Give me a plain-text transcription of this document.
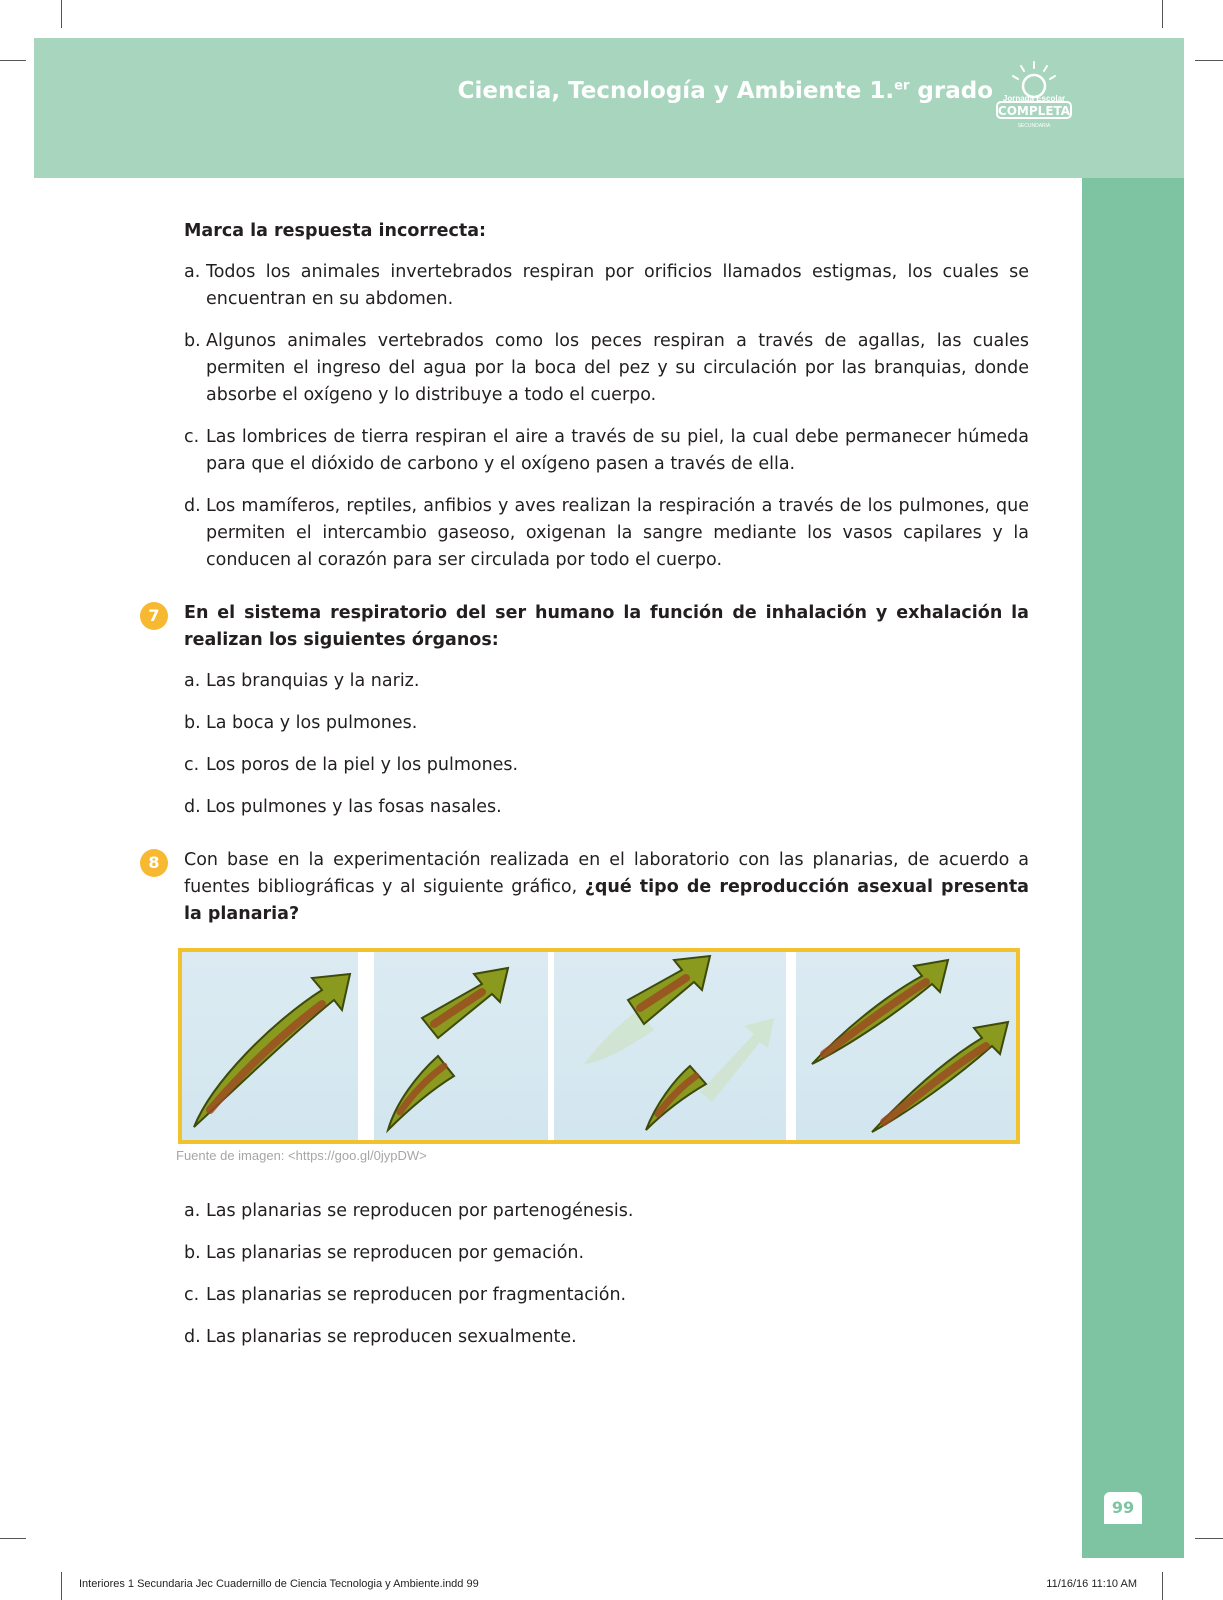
Ciencia, Tecnología y Ambiente 1.$^{er}$ grado Jornada Escolar
COMPLETA
SECUNDARIA
99

Marca la respuesta incorrecta:

a. Todos los animales invertebrados respiran por orificios llamados estigmas, los cuales se encuentran en su abdomen.
b. Algunos animales vertebrados como los peces respiran a través de agallas, las cuales permiten el ingreso del agua por la boca del pez y su circulación por las branquias, donde absorbe el oxígeno y lo distribuye a todo el cuerpo.
c. Las lombrices de tierra respiran el aire a través de su piel, la cual debe permanecer húmeda para que el dióxido de carbono y el oxígeno pasen a través de ella.
d. Los mamíferos, reptiles, anfibios y aves realizan la respiración a través de los pulmones, que permiten el intercambio gaseoso, oxigenan la sangre mediante los vasos capilares y la conducen al corazón para ser circulada por todo el cuerpo.
7	En el sistema respiratorio del ser humano la función de inhalación y exhalación la realizan los siguientes órganos:

a. Las branquias y la nariz.
b. La boca y los pulmones.
c. Los poros de la piel y los pulmones.
d. Los pulmones y las fosas nasales.
8	Con base en la experimentación realizada en el laboratorio con las planarias, de acuerdo a fuentes bibliográficas y al siguiente gráfico, ¿qué tipo de reproducción asexual presenta la planaria?

Fuente de imagen: <https://goo.gl/0jypDW>
a. Las planarias se reproducen por partenogénesis.
b. Las planarias se reproducen por gemación.
c. Las planarias se reproducen por fragmentación.
d. Las planarias se reproducen sexualmente.
Interiores 1 Secundaria Jec Cuadernillo de Ciencia Tecnologia y Ambiente.indd 99	11/16/16 11:10 AM
